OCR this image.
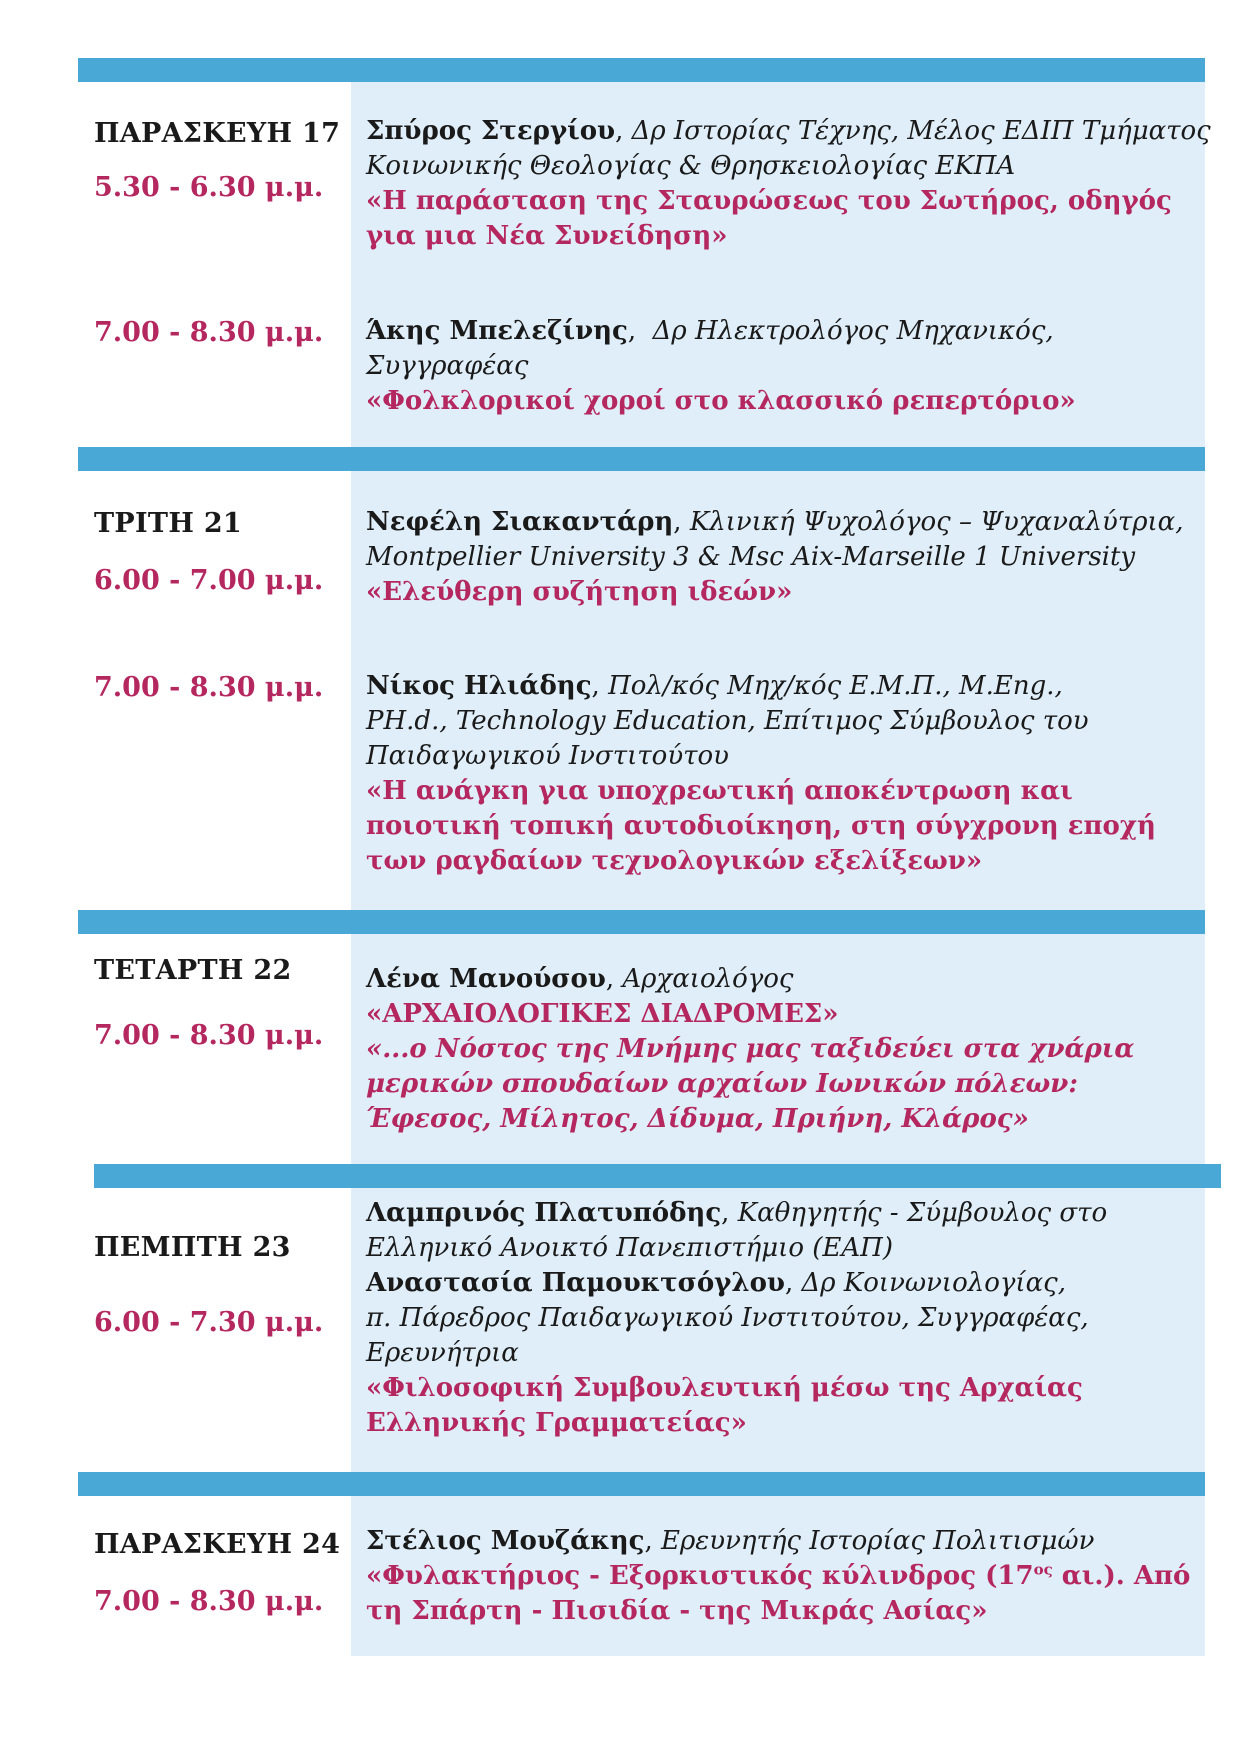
ΠΑΡΑΣΚΕΥΗ 17
5.30 - 6.30 μ.μ.
Σπύρος Στεργίου, Δρ Ιστορίας Τέχνης, Μέλος ΕΔΙΠ Τμήματος
Κοινωνικής Θεολογίας & Θρησκειολογίας ΕΚΠΑ
«Η παράσταση της Σταυρώσεως του Σωτήρος, οδηγός
για μια Νέα Συνείδηση»
7.00 - 8.30 μ.μ. Άκης Μπελεζίνης,  Δρ Ηλεκτρολόγος Μηχανικός,
Συγγραφέας
«Φολκλορικοί χοροί στο κλασσικό ρεπερτόριο»
ΤΡΙΤΗ 21
6.00 - 7.00 μ.μ.
Νεφέλη Σιακαντάρη, Κλινική Ψυχολόγος – Ψυχαναλύτρια,
Montpellier University 3 & Msc Aix-Marseille 1 University
«Ελεύθερη συζήτηση ιδεών»
7.00 - 8.30 μ.μ. Νίκος Ηλιάδης, Πολ/κός Μηχ/κός Ε.Μ.Π., M.Eng.,
PH.d., Technology Education, Επίτιμος Σύμβουλος του
Παιδαγωγικού Ινστιτούτου
«Η ανάγκη για υποχρεωτική αποκέντρωση και
ποιοτική τοπική αυτοδιοίκηση, στη σύγχρονη εποχή
των ραγδαίων τεχνολογικών εξελίξεων»
ΤΕΤΑΡΤΗ 22
7.00 - 8.30 μ.μ.
Λένα Μανούσου, Αρχαιολόγος
«ΑΡΧΑΙΟΛΟΓΙΚΕΣ ΔΙΑΔΡΟΜΕΣ»
«...ο Νόστος της Μνήμης μας ταξιδεύει στα χνάρια
μερικών σπουδαίων αρχαίων Ιωνικών πόλεων:
Έφεσος, Μίλητος, Δίδυμα, Πριήνη, Κλάρος»
ΠΕΜΠΤΗ 23
6.00 - 7.30 μ.μ.
Λαμπρινός Πλατυπόδης, Καθηγητής - Σύμβουλος στο
Ελληνικό Ανοικτό Πανεπιστήμιο (ΕΑΠ)
Αναστασία Παμουκτσόγλου, Δρ Κοινωνιολογίας,
π. Πάρεδρος Παιδαγωγικού Ινστιτούτου, Συγγραφέας,
Ερευνήτρια
«Φιλοσοφική Συμβουλευτική μέσω της Αρχαίας
Ελληνικής Γραμματείας»
ΠΑΡΑΣΚΕΥΗ 24
7.00 - 8.30 μ.μ.
Στέλιος Μουζάκης, Ερευνητής Ιστορίας Πολιτισμών
«Φυλακτήριος - Εξορκιστικός κύλινδρος ($17^{o\varsigma}$ αι.). Από
τη Σπάρτη - Πισιδία - της Μικράς Ασίας»
